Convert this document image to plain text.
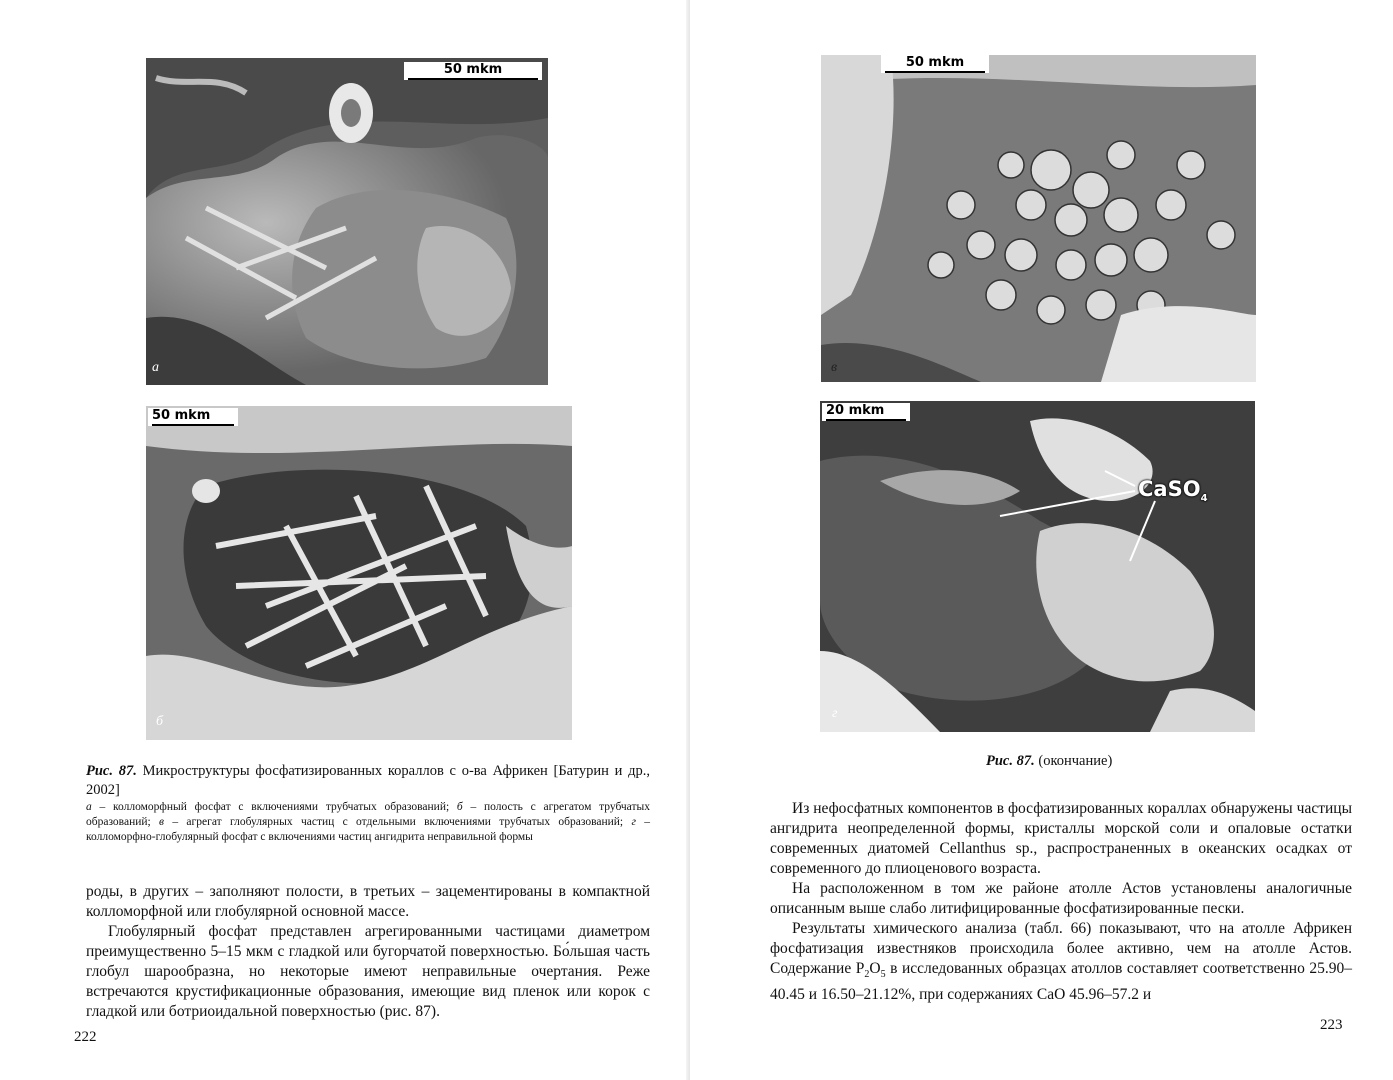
50 mkm
а
50 mkm
б
Рис. 87. Микроструктуры фосфатизированных кораллов с о-ва Африкен [Батурин и др., 2002]
а – колломорфный фосфат с включениями трубчатых образований; б – полость с агрегатом трубчатых образований; в – агрегат глобулярных частиц с отдельными включениями трубчатых образований; г – колломорфно-глобулярный фосфат с включениями частиц ангидрита неправильной формы

роды, в других – заполняют полости, в третьих – зацементированы в компактной колломорфной или глобулярной основной массе.

Глобулярный фосфат представлен агрегированными частицами диаметром преимущественно 5–15 мкм с гладкой или бугорчатой поверхностью. Бо́льшая часть глобул шарообразна, но некоторые имеют неправильные очертания. Реже встречаются крустификационные образования, имеющие вид пленок или корок с гладкой или ботриоидальной поверхностью (рис. 87).

222
50 mkm
в
20 mkm
CaSO$_4$
г
Рис. 87. (окончание)

Из нефосфатных компонентов в фосфатизированных кораллах обнаружены частицы ангидрита неопределенной формы, кристаллы морской соли и опаловые остатки современных диатомей Cellanthus sp., распространенных в океанских осадках от современного до плиоценового возраста.

На расположенном в том же районе атолле Астов установлены аналогичные описанным выше слабо литифицированные фосфатизированные пески.

Результаты химического анализа (табл. 66) показывают, что на атолле Африкен фосфатизация известняков происходила более активно, чем на атолле Астов. Содержание $P_2O_5$ в исследованных образцах атоллов составляет соответственно 25.90–40.45 и 16.50–21.12%, при содержаниях CaO 45.96–57.2 и

223
